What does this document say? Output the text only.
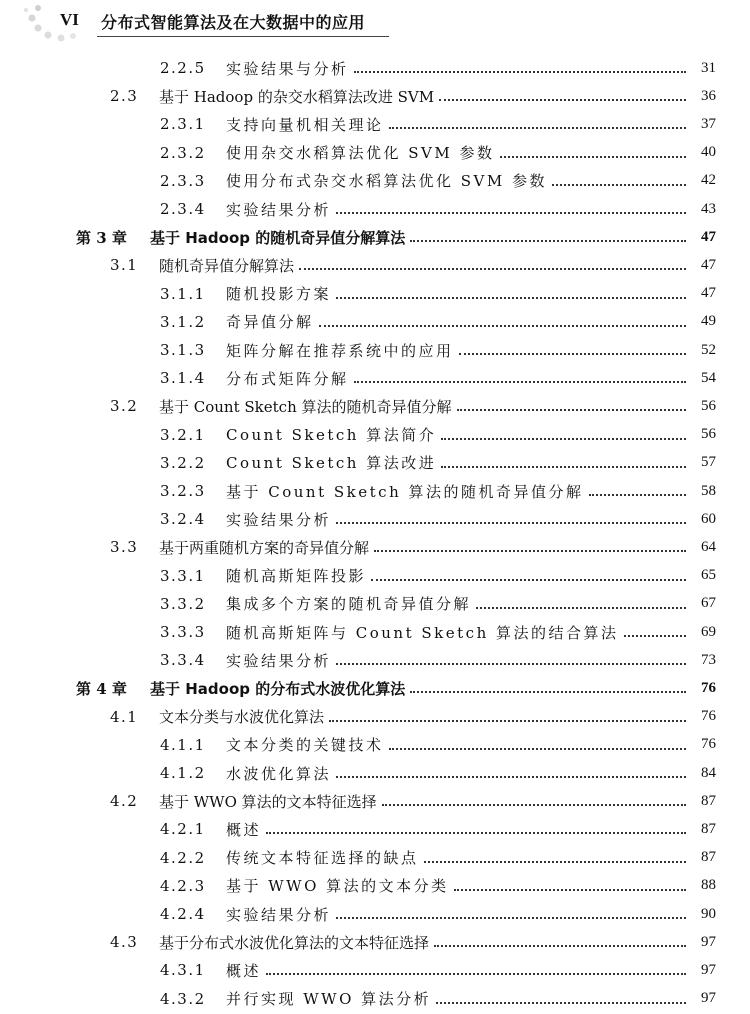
VI 分布式智能算法及在大数据中的应用
2.2.5	实验结果与分析	31
2.3	基于 Hadoop 的杂交水稻算法改进 SVM	36
2.3.1	支持向量机相关理论	37
2.3.2	使用杂交水稻算法优化 SVM 参数	40
2.3.3	使用分布式杂交水稻算法优化 SVM 参数	42
2.3.4	实验结果分析	43
第 3 章	基于 Hadoop 的随机奇异值分解算法	47
3.1	随机奇异值分解算法	47
3.1.1	随机投影方案	47
3.1.2	奇异值分解	49
3.1.3	矩阵分解在推荐系统中的应用	52
3.1.4	分布式矩阵分解	54
3.2	基于 Count Sketch 算法的随机奇异值分解	56
3.2.1	Count Sketch 算法简介	56
3.2.2	Count Sketch 算法改进	57
3.2.3	基于 Count Sketch 算法的随机奇异值分解	58
3.2.4	实验结果分析	60
3.3	基于两重随机方案的奇异值分解	64
3.3.1	随机高斯矩阵投影	65
3.3.2	集成多个方案的随机奇异值分解	67
3.3.3	随机高斯矩阵与 Count Sketch 算法的结合算法	69
3.3.4	实验结果分析	73
第 4 章	基于 Hadoop 的分布式水波优化算法	76
4.1	文本分类与水波优化算法	76
4.1.1	文本分类的关键技术	76
4.1.2	水波优化算法	84
4.2	基于 WWO 算法的文本特征选择	87
4.2.1	概述	87
4.2.2	传统文本特征选择的缺点	87
4.2.3	基于 WWO 算法的文本分类	88
4.2.4	实验结果分析	90
4.3	基于分布式水波优化算法的文本特征选择	97
4.3.1	概述	97
4.3.2	并行实现 WWO 算法分析	97
